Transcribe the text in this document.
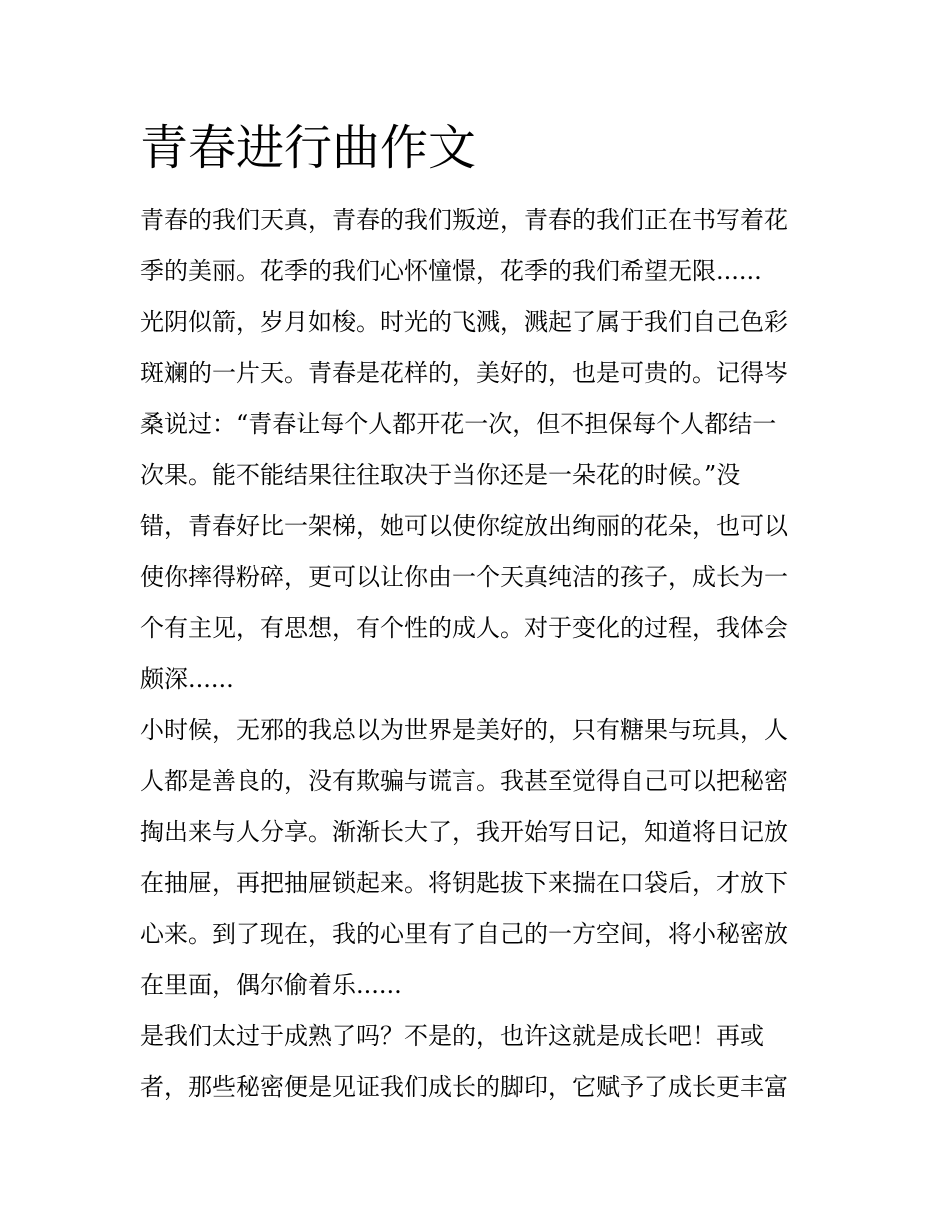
青春进行曲作文
青春的我们天真，青春的我们叛逆，青春的我们正在书写着花
季的美丽。花季的我们心怀憧憬，花季的我们希望无限......
光阴似箭，岁月如梭。时光的飞溅，溅起了属于我们自己色彩
斑斓的一片天。青春是花样的，美好的，也是可贵的。记得岑
桑说过：“青春让每个人都开花一次，但不担保每个人都结一
次果。能不能结果往往取决于当你还是一朵花的时候。”没
错，青春好比一架梯，她可以使你绽放出绚丽的花朵，也可以
使你摔得粉碎，更可以让你由一个天真纯洁的孩子，成长为一
个有主见，有思想，有个性的成人。对于变化的过程，我体会
颇深......
小时候，无邪的我总以为世界是美好的，只有糖果与玩具，人
人都是善良的，没有欺骗与谎言。我甚至觉得自己可以把秘密
掏出来与人分享。渐渐长大了，我开始写日记，知道将日记放
在抽屉，再把抽屉锁起来。将钥匙拔下来揣在口袋后，才放下
心来。到了现在，我的心里有了自己的一方空间，将小秘密放
在里面，偶尔偷着乐......
是我们太过于成熟了吗？不是的，也许这就是成长吧！再或
者，那些秘密便是见证我们成长的脚印，它赋予了成长更丰富
